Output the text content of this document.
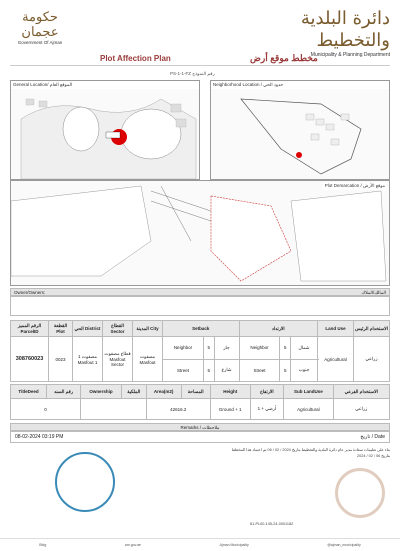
حكومة عجمان
Government Of Ajman
دائرة البلدية والتخطيط
Municipality & Planning Department
Plot Affection Plan	مخطط موقع أرض
PS-1-1-FZ رقم النموذج
General Location/ الموقع العام	Neighborhood Location / حدود الحي
Plot Demarcation / موقع الأرض
Owner/Owners:	المالك/الملاك
الرقم المميز ParcelID	القطعة Plot	الحي District	القطاع Sector	المدينة City	Setback			الارتداد			Land Use	الاستخدام الرئيس
308760023	0023	مصفوت 1 Masfout 1	قطاع مصفوت Masfout Sector	مصفوت Masfout	Neighbor	5	جار	Neighbor	5	شمال	Agricultural	زراعي
					Street	5	شارع	Street	5	جنوب		
TitleDeed	رقم السند	Ownership	الملكية	Area(m2)	المساحة	Height	الارتفاع	Sub LandUse	الاستخدام الفرعي
0				42616.2		Ground + 1	أرضي + 1	Agricultural	زراعي
Remarks / ملاحظات
08-02-2024 03:19 PM	تاريخ / Date
بناء على تعليمات سعادة مدير عام دائرة البلدية والتخطيط بتاريخ 2024 / 02 / 06 تم اعتماد هذا المخطط
2024 / 02 / 06 بتاريخ
81-PL00-145-24-0001182
Bldg	am.gov.ae	Ajman Municipality	@ajman_municipality
